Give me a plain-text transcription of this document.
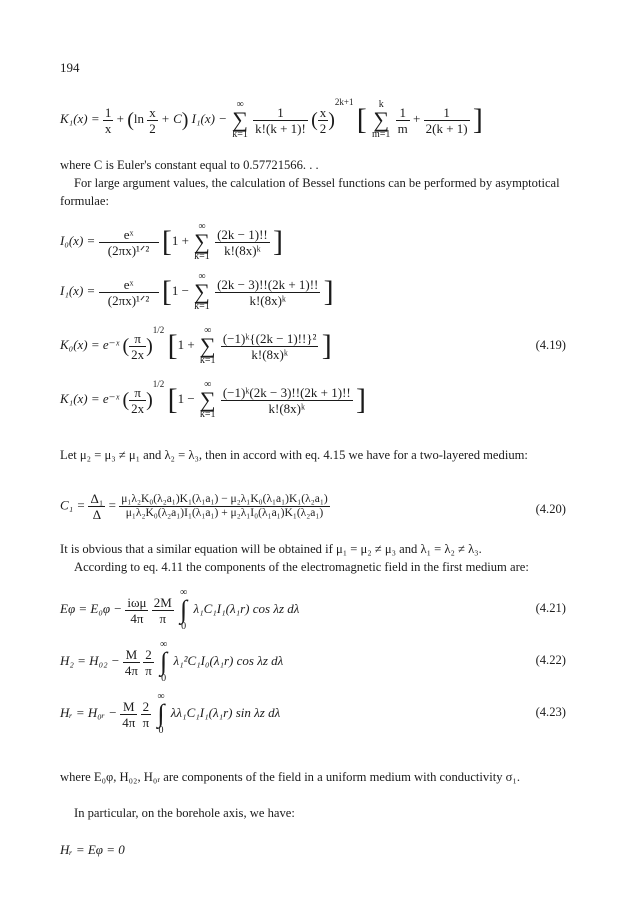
194
$K_1(x) = \frac{1}{x} + (\ln \frac{x}{2} + C) I_1(x)$ − ∞
∑
$k=1 \frac{1}{k!(k + 1)!}$ ( $\frac{x}{2} )^{2k+1}$ [ k
∑
$m=1 \frac{1}{m} + \frac{1}{2(k + 1)}$ ]
where C is Euler's constant equal to 0.57721566. . .
For large argument values, the calculation of Bessel functions can be performed by asymptotical formulae:
$I_0(x) = \frac{\text{eˣ}}{\text{(2πx)¹ᐟ²}} [1$ + ∞
∑
$k=1 \frac{(2k - 1)!!}{\text{k!(8x)ᵏ}}$ ]
$I_1(x) = \frac{\text{eˣ}}{\text{(2πx)¹ᐟ²}} [1$ − ∞
∑
$k=1 \frac{(2k - 3)!!(2k + 1)!!}{\text{k!(8x)ᵏ}}$ ]
K₀(x) = e⁻ˣ ( $\frac{\pi}{2x} )^{1/2}$ [1 + ∞
∑
$k=1 \frac{\text{(−1)ᵏ\{(2k − 1)!!\}²}}{\text{k!(8x)ᵏ}}$ ]	(4.19)
K₁(x) = e⁻ˣ ( $\frac{\pi}{2x} )^{1/2}$ [1 − ∞
∑
$k=1 \frac{\text{(−1)ᵏ(2k − 3)!!(2k + 1)!!}}{\text{k!(8x)ᵏ}}$ ]
Let μ₂ = μ₃ ≠ μ₁ and λ₂ = λ₃, then in accord with eq. 4.15 we have for a two-layered medium:
$C_1 = \frac{\text{Δ₁}}{\Delta} = \frac{\text{μ₁λ₂K₀(λ₂a₁)K₁(λ₁a₁) − μ₂λ₁K₀(λ₁a₁)K₁(λ₂a₁)}}{\text{μ₁λ₂K₀(λ₂a₁)I₁(λ₁a₁) + μ₂λ₁I₀(λ₁a₁)K₁(λ₂a₁)}}$	(4.20)
It is obvious that a similar equation will be obtained if μ₁ = μ₂ ≠ μ₃ and λ₁ = λ₂ ≠ λ₃.
According to eq. 4.11 the components of the electromagnetic field in the first medium are:
$E\varphi = E_0\varphi - \frac{\text{iωμ}}{4\pi}$
$\frac{2M}{\pi}$
∞
∫
0 λ₁C₁I₁(λ₁r) cos λz dλ	(4.21)
$H_2 = H_{02} - \frac{M}{4\pi}$
$\frac{2}{\pi}$
∞
∫
0 λ₁²C₁I₀(λ₁r) cos λz dλ	(4.22)
Hᵣ = H₀ᵣ − $\frac{M}{4\pi}$
$\frac{2}{\pi}$
∞
∫
0 λλ₁C₁I₁(λ₁r) sin λz dλ	(4.23)
where E₀φ, H₀₂, H₀ᵣ are components of the field in a uniform medium with conductivity σ₁.
In particular, on the borehole axis, we have:
Hᵣ = Eφ = 0
